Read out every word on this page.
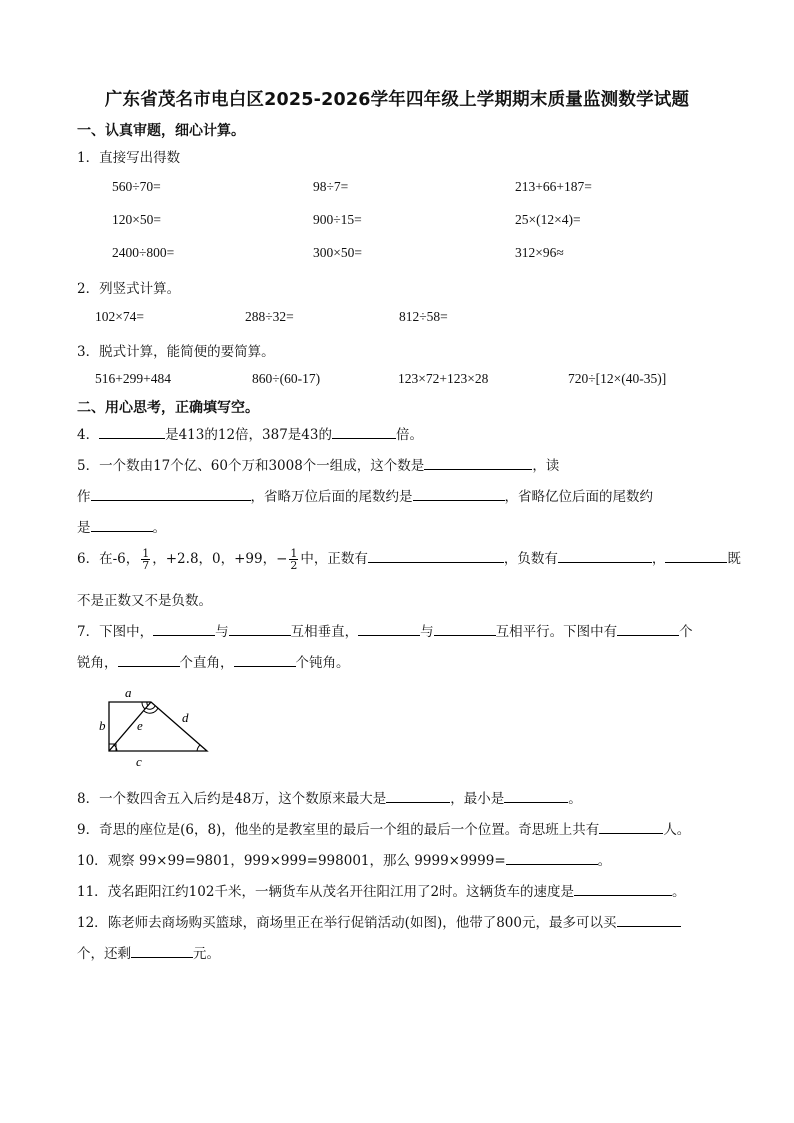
广东省茂名市电白区2025-2026学年四年级上学期期末质量监测数学试题
一、认真审题，细心计算。
1．直接写出得数
560÷70=	98÷7=	213+66+187=
120×50=	900÷15=	25×(12×4)=
2400÷800=	300×50=	312×96≈
2．列竖式计算。
102×74=	288÷32=	812÷58=
3．脱式计算，能简便的要简算。
516+299+484	860÷(60-17)	123×72+123×28	720÷[12×(40-35)]
二、用心思考，正确填写空。
4．	是413的12倍，387是43的	倍。
5．一个数由17个亿、60个万和3008个一组成，这个数是	，读
作	，省略万位后面的尾数约是	，省略亿位后面的尾数约
是	。
6．在-6， $\frac{1}{7}$ ，+2.8，0，+99，− $\frac{1}{2}$ 中，正数有	，负数有	，	既
不是正数又不是负数。
7．下图中，	与	互相垂直，	与	互相平行。下图中有	个
锐角，	个直角，	个钝角。
a
b
c
d
e
8．一个数四舍五入后约是48万，这个数原来最大是	，最小是	。
9．奇思的座位是(6，8)，他坐的是教室里的最后一个组的最后一个位置。奇思班上共有	人。
10．观察 99×99=9801，999×999=998001，那么 9999×9999=	。
11．茂名距阳江约102千米，一辆货车从茂名开往阳江用了2时。这辆货车的速度是	。
12．陈老师去商场购买篮球，商场里正在举行促销活动(如图)，他带了800元，最多可以买
个，还剩	元。
